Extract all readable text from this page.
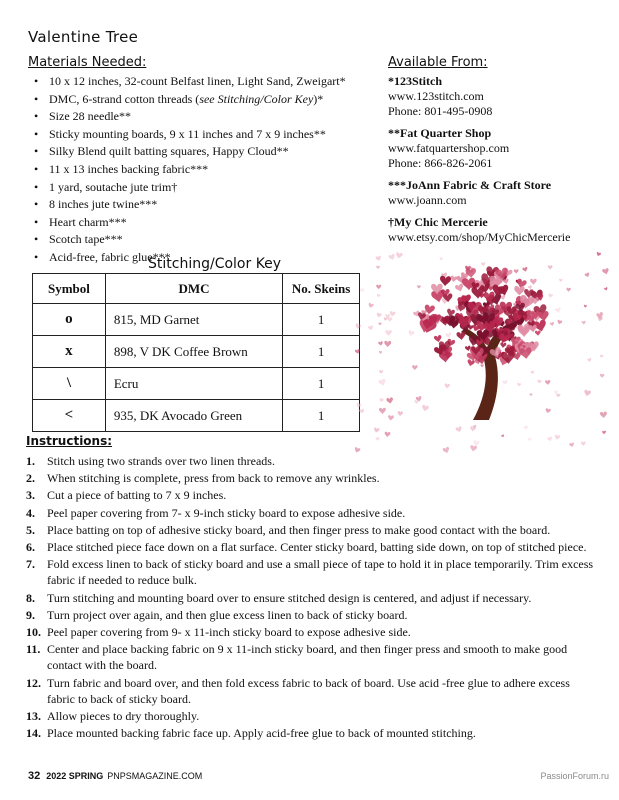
Valentine Tree
Materials Needed:
• 10 x 12 inches, 32-count Belfast linen, Light Sand, Zweigart*
• DMC, 6-strand cotton threads (see Stitching/Color Key)*
• Size 28 needle**
• Sticky mounting boards, 9 x 11 inches and 7 x 9 inches**
• Silky Blend quilt batting squares, Happy Cloud**
• 11 x 13 inches backing fabric***
• 1 yard, soutache jute trim†
• 8 inches jute twine***
• Heart charm***
• Scotch tape***
• Acid-free, fabric glue***
Available From:
*123Stitch
www.123stitch.com
Phone: 801-495-0908
**Fat Quarter Shop
www.fatquartershop.com
Phone: 866-826-2061
***JoAnn Fabric & Craft Store
www.joann.com
†My Chic Mercerie
www.etsy.com/shop/MyChicMercerie
Stitching/Color Key
Symbol	DMC	No. Skeins
o	815, MD Garnet	1
x	898, V DK Coffee Brown	1
\	Ecru	1
<	935, DK Avocado Green	1
Instructions:
1. Stitch using two strands over two linen threads.
2. When stitching is complete, press from back to remove any wrinkles.
3. Cut a piece of batting to 7 x 9 inches.
4. Peel paper covering from 7- x 9-inch sticky board to expose adhesive side.
5. Place batting on top of adhesive sticky board, and then finger press to make good contact with the board.
6. Place stitched piece face down on a flat surface. Center sticky board, batting side down, on top of stitched piece.
7. Fold excess linen to back of sticky board and use a small piece of tape to hold it in place temporarily. Trim excess fabric if needed to reduce bulk.
8. Turn stitching and mounting board over to ensure stitched design is centered, and adjust if necessary.
9. Turn project over again, and then glue excess linen to back of sticky board.
10. Peel paper covering from 9- x 11-inch sticky board to expose adhesive side.
11. Center and place backing fabric on 9 x 11-inch sticky board, and then finger press and smooth to make good contact with the board.
12. Turn fabric and board over, and then fold excess fabric to back of board. Use acid -free glue to adhere excess fabric to back of sticky board.
13. Allow pieces to dry thoroughly.
14. Place mounted backing fabric face up. Apply acid-free glue to back of mounted stitching.
32 2022 SPRING PNPSMAGAZINE.COM	PassionForum.ru
